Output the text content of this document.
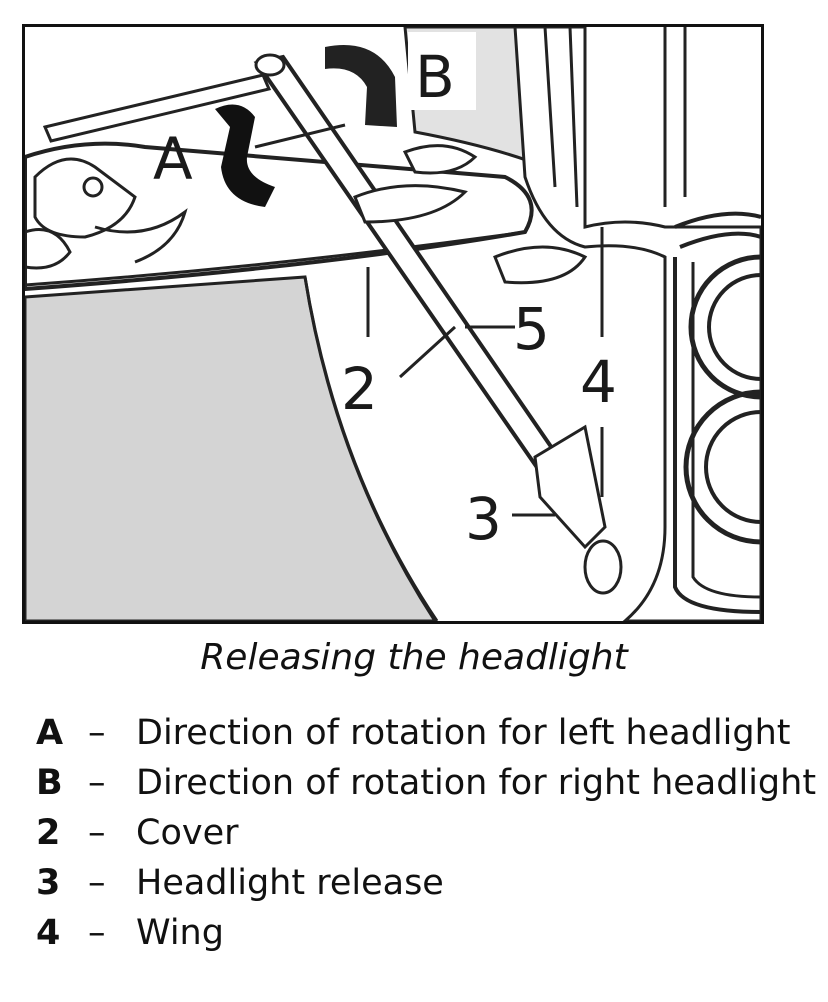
A
B
2
3
4
5
Releasing the headlight
A – Direction of rotation for left headlight
B – Direction of rotation for right headlight
2 – Cover
3 – Headlight release
4 – Wing
